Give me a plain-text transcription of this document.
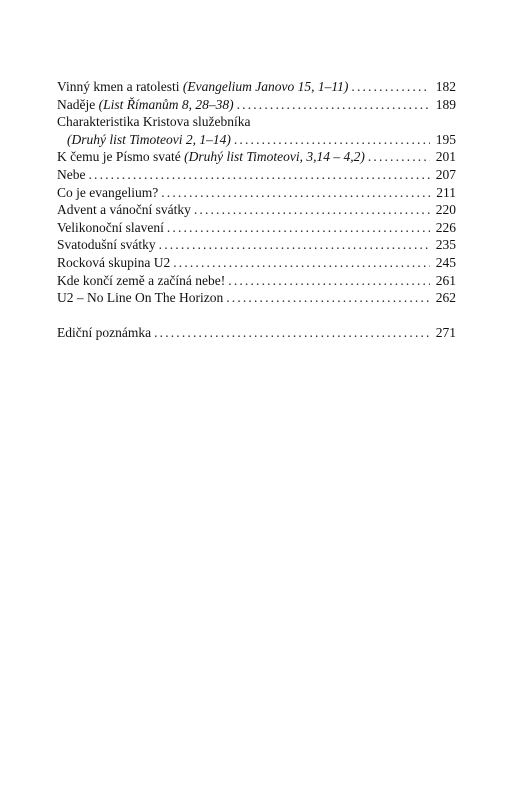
Vinný kmen a ratolesti (Evangelium Janovo 15, 1–11) . . .	182
Naděje (List Římanům 8, 28–38) . . .	189
Charakteristika Kristova služebníka
(Druhý list Timoteovi 2, 1–14) . . .	195
K čemu je Písmo svaté (Druhý list Timoteovi, 3,14 – 4,2) . . .	201
Nebe . . .	207
Co je evangelium? . . .	211
Advent a vánoční svátky . . .	220
Velikonoční slavení . . .	226
Svatodušní svátky . . .	235
Rocková skupina U2 . . .	245
Kde končí země a začíná nebe! . . .	261
U2 – No Line On The Horizon . . .	262
Ediční poznámka . . .	271
